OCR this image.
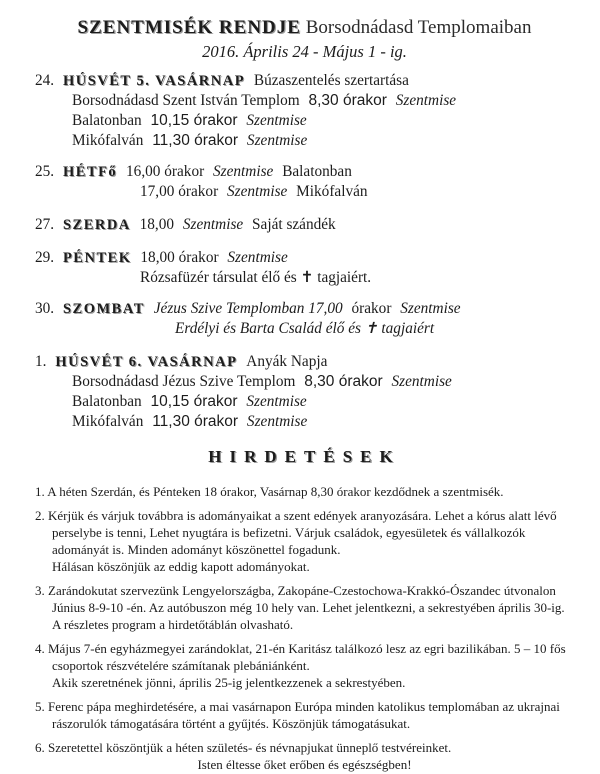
SZENTMISÉK RENDJE Borsodnádasd Templomaiban
2016. Április 24 - Május 1 - ig.
24. HÚSVÉT 5. VASÁRNAP Búzaszentelés szertartása
Borsodnádasd Szent István Templom 8,30 órakor Szentmise
Balatonban 10,15 órakor Szentmise
Mikófalván 11,30 órakor Szentmise
25. HÉTFő 16,00 órakor Szentmise Balatonban
17,00 órakor Szentmise Mikófalván
27. SZERDA 18,00 Szentmise Saját szándék
29. PÉNTEK 18,00 órakor Szentmise
Rózsafüzér társulat élő és ✝ tagjaiért.
30. SZOMBAT Jézus Szive Templomban 17,00 órakor Szentmise
Erdélyi és Barta Család élő és ✝ tagjaiért
1. HÚSVÉT 6. VASÁRNAP Anyák Napja
Borsodnádasd Jézus Szive Templom 8,30 órakor Szentmise
Balatonban 10,15 órakor Szentmise
Mikófalván 11,30 órakor Szentmise
HIRDETÉSEK
1. A héten Szerdán, és Pénteken 18 órakor, Vasárnap 8,30 órakor kezdődnek a szentmisék.
2. Kérjük és várjuk továbbra is adományaikat a szent edények aranyozására. Lehet a kórus alatt lévő perselybe is tenni, Lehet nyugtára is befizetni. Várjuk családok, egyesületek és vállalkozók adományát is. Minden adományt köszönettel fogadunk.
Hálásan köszönjük az eddig kapott adományokat.
3. Zarándokutat szervezünk Lengyelországba, Zakopáne-Czestochowa-Krakkó-Ószandec útvonalon Június 8-9-10 -én. Az autóbuszon még 10 hely van. Lehet jelentkezni, a sekrestyében április 30-ig. A részletes program a hirdetőtáblán olvasható.
4. Május 7-én egyházmegyei zarándoklat, 21-én Karitász találkozó lesz az egri bazilikában. 5 – 10 fős csoportok részvételére számítanak plebániánként.
Akik szeretnének jönni, április 25-ig jelentkezzenek a sekrestyében.
5. Ferenc pápa meghirdetésére, a mai vasárnapon Európa minden katolikus templomában az ukrajnai rászorulók támogatására történt a gyűjtés. Köszönjük támogatásukat.
6. Szeretettel köszöntjük a héten születés- és névnapjukat ünneplő testvéreinket.
Isten éltesse őket erőben és egészségben!
